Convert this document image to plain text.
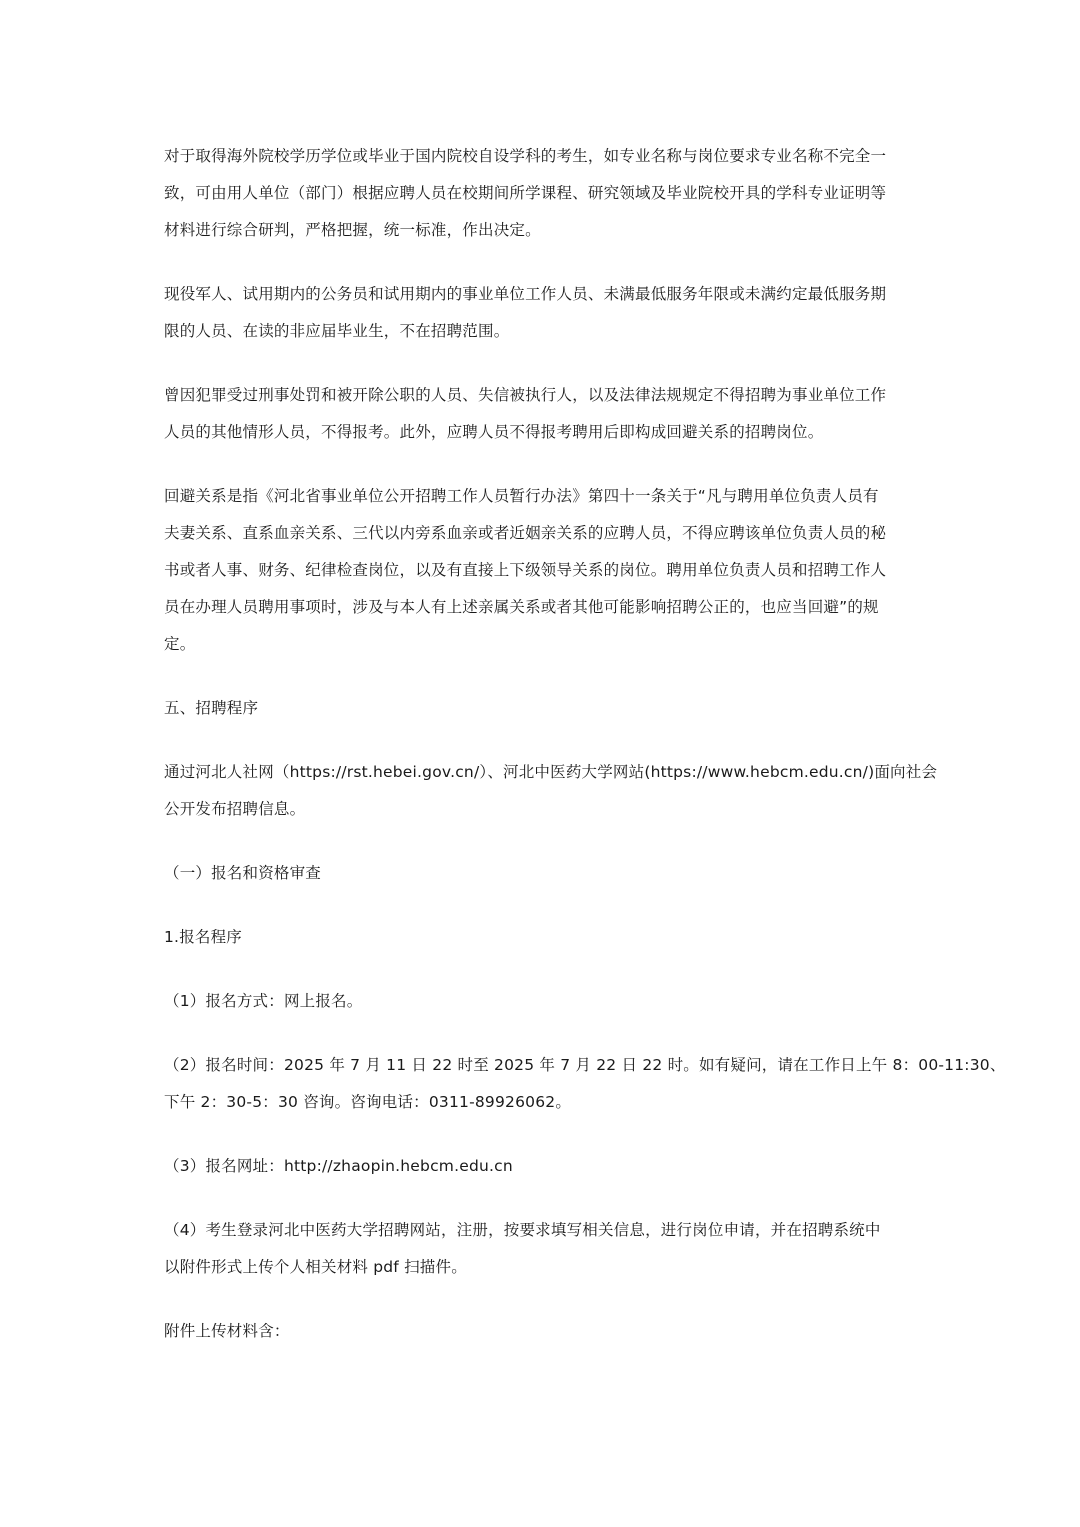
对于取得海外院校学历学位或毕业于国内院校自设学科的考生，如专业名称与岗位要求专业名称不完全一
致，可由用人单位（部门）根据应聘人员在校期间所学课程、研究领域及毕业院校开具的学科专业证明等
材料进行综合研判，严格把握，统一标准，作出决定。

现役军人、试用期内的公务员和试用期内的事业单位工作人员、未满最低服务年限或未满约定最低服务期
限的人员、在读的非应届毕业生，不在招聘范围。

曾因犯罪受过刑事处罚和被开除公职的人员、失信被执行人，以及法律法规规定不得招聘为事业单位工作
人员的其他情形人员，不得报考。此外，应聘人员不得报考聘用后即构成回避关系的招聘岗位。

回避关系是指《河北省事业单位公开招聘工作人员暂行办法》第四十一条关于“凡与聘用单位负责人员有
夫妻关系、直系血亲关系、三代以内旁系血亲或者近姻亲关系的应聘人员，不得应聘该单位负责人员的秘
书或者人事、财务、纪律检查岗位，以及有直接上下级领导关系的岗位。聘用单位负责人员和招聘工作人
员在办理人员聘用事项时，涉及与本人有上述亲属关系或者其他可能影响招聘公正的，也应当回避”的规
定。

五、招聘程序

通过河北人社网（https://rst.hebei.gov.cn/）、河北中医药大学网站(https://www.hebcm.edu.cn/)面向社会
公开发布招聘信息。

（一）报名和资格审查

1.报名程序

（1）报名方式：网上报名。

（2）报名时间：2025 年 7 月 11 日 22 时至 2025 年 7 月 22 日 22 时。如有疑问，请在工作日上午 8：00-11:30、
下午 2：30-5：30 咨询。咨询电话：0311-89926062。

（3）报名网址：http://zhaopin.hebcm.edu.cn

（4）考生登录河北中医药大学招聘网站，注册，按要求填写相关信息，进行岗位申请，并在招聘系统中
以附件形式上传个人相关材料 pdf 扫描件。

附件上传材料含：
